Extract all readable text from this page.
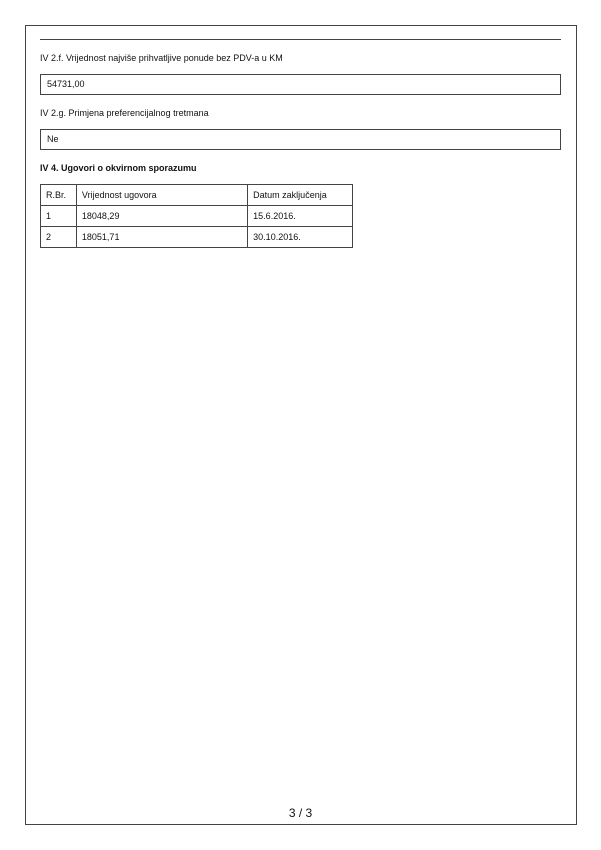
IV 2.f. Vrijednost najviše prihvatljive ponude bez PDV-a u KM
54731,00
IV 2.g. Primjena preferencijalnog tretmana
Ne
IV 4. Ugovori o okvirnom sporazumu
R.Br.	Vrijednost ugovora	Datum zaključenja
1	18048,29	15.6.2016.
2	18051,71	30.10.2016.
3 / 3
